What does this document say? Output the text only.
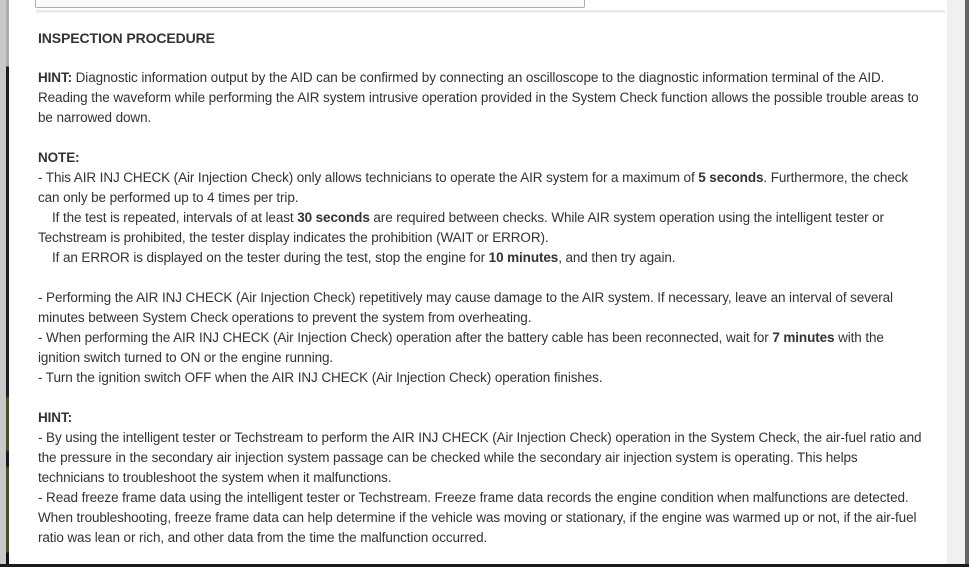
INSPECTION PROCEDURE
HINT: Diagnostic information output by the AID can be confirmed by connecting an oscilloscope to the diagnostic information terminal of the AID. Reading the waveform while performing the AIR system intrusive operation provided in the System Check function allows the possible trouble areas to be narrowed down.
NOTE:
- This AIR INJ CHECK (Air Injection Check) only allows technicians to operate the AIR system for a maximum of 5 seconds. Furthermore, the check can only be performed up to 4 times per trip.
If the test is repeated, intervals of at least 30 seconds are required between checks. While AIR system operation using the intelligent tester or Techstream is prohibited, the tester display indicates the prohibition (WAIT or ERROR).
If an ERROR is displayed on the tester during the test, stop the engine for 10 minutes, and then try again.
- Performing the AIR INJ CHECK (Air Injection Check) repetitively may cause damage to the AIR system. If necessary, leave an interval of several minutes between System Check operations to prevent the system from overheating.
- When performing the AIR INJ CHECK (Air Injection Check) operation after the battery cable has been reconnected, wait for 7 minutes with the ignition switch turned to ON or the engine running.
- Turn the ignition switch OFF when the AIR INJ CHECK (Air Injection Check) operation finishes.
HINT:
- By using the intelligent tester or Techstream to perform the AIR INJ CHECK (Air Injection Check) operation in the System Check, the air-fuel ratio and the pressure in the secondary air injection system passage can be checked while the secondary air injection system is operating. This helps technicians to troubleshoot the system when it malfunctions.
- Read freeze frame data using the intelligent tester or Techstream. Freeze frame data records the engine condition when malfunctions are detected. When troubleshooting, freeze frame data can help determine if the vehicle was moving or stationary, if the engine was warmed up or not, if the air-fuel ratio was lean or rich, and other data from the time the malfunction occurred.
